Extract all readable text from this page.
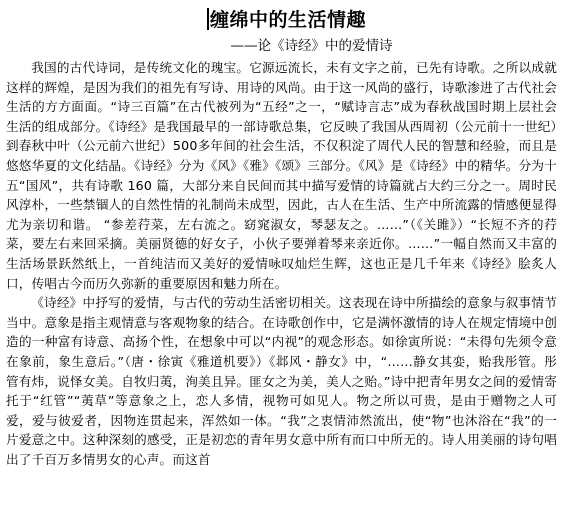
缠绵中的生活情趣
——论《诗经》中的爱情诗

我国的古代诗词，是传统文化的瑰宝。它源远流长，未有文字之前，已先有诗歌。之所以成就这样的辉煌，是因为我们的祖先有写诗、用诗的风尚。由于这一风尚的盛行，诗歌渗进了古代社会生活的方方面面。“诗三百篇”在古代被列为“五经”之一，“赋诗言志”成为春秋战国时期上层社会生活的组成部分。《诗经》是我国最早的一部诗歌总集，它反映了我国从西周初（公元前十一世纪）到春秋中叶（公元前六世纪）500多年间的社会生活，不仅积淀了周代人民的智慧和经验，而且是悠悠华夏的文化结晶。《诗经》分为《风》《雅》《颂》三部分。《风》是《诗经》中的精华。分为十五“国风”，共有诗歌 160 篇，大部分来自民间而其中描写爱情的诗篇就占大约三分之一。周时民风淳朴，一些禁锢人的自然性情的礼制尚未成型，因此，古人在生活、生产中所流露的情感便显得尤为亲切和谐。 “参差荇菜，左右流之。窈窕淑女，琴瑟友之。……”（《关雎》）“长短不齐的荇菜，要左右来回采摘。美丽贤德的好女子，小伙子要弹着琴来亲近你。……”一幅自然而又丰富的生活场景跃然纸上，一首纯洁而又美好的爱情咏叹灿烂生辉，这也正是几千年来《诗经》脍炙人口，传唱古今而历久弥新的重要原因和魅力所在。

《诗经》中抒写的爱情，与古代的劳动生活密切相关。这表现在诗中所描绘的意象与叙事情节当中。意象是指主观情意与客观物象的结合。在诗歌创作中，它是满怀激情的诗人在规定情境中创造的一种富有诗意、高扬个性，在想象中可以“内视”的观念形态。如徐寅所说：“未得句先须令意在象前，象生意后。”（唐・徐寅《雅道机要》）《邶风・静女》中，“……静女其娈，贻我彤管。彤管有炜，说怿女美。自牧归荑，洵美且异。匪女之为美，美人之贻。”诗中把青年男女之间的爱情寄托于“红管”“荑草”等意象之上，恋人多情，视物可如见人。物之所以可贵，是由于赠物之人可爱，爱与彼爱者，因物连贯起来，浑然如一体。“我”之衷情沛然流出，使“物”也沐浴在“我”的一片爱意之中。这种深刻的感受，正是初恋的青年男女意中所有而口中所无的。诗人用美丽的诗句唱出了千百万多情男女的心声。而这首
